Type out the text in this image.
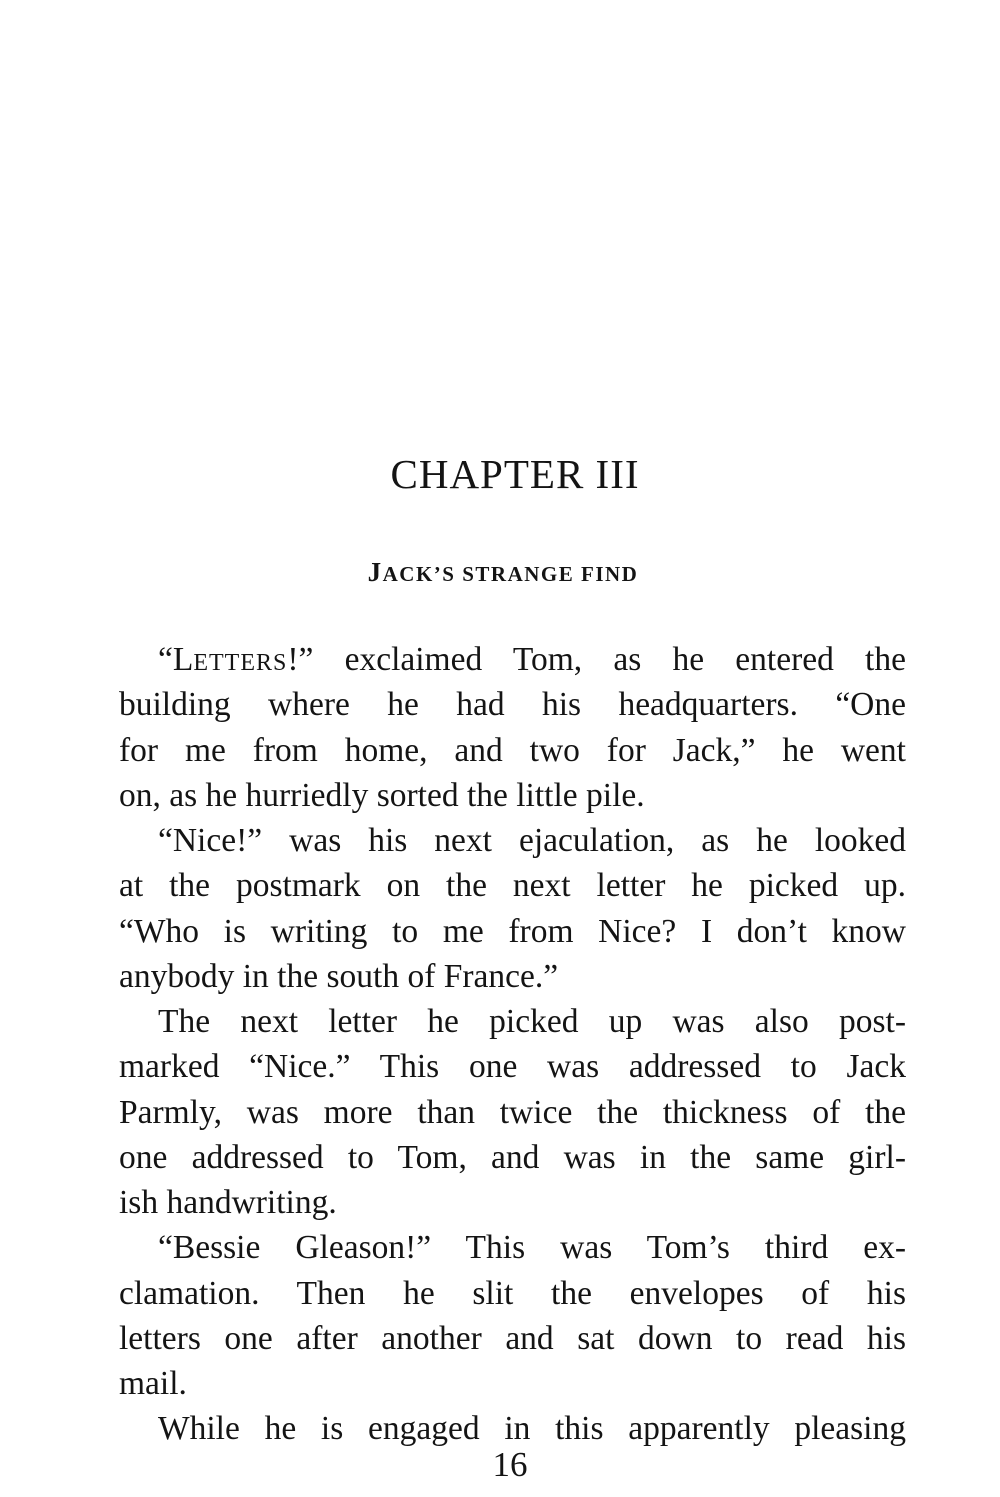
CHAPTER III
JACK’S STRANGE FIND
“LETTERS!” exclaimed Tom, as he entered the
building where he had his headquarters. “One
for me from home, and two for Jack,” he went
on, as he hurriedly sorted the little pile.
“Nice!” was his next ejaculation, as he looked
at the postmark on the next letter he picked up.
“Who is writing to me from Nice? I don’t know
anybody in the south of France.”
The next letter he picked up was also post-
marked “Nice.” This one was addressed to Jack
Parmly, was more than twice the thickness of the
one addressed to Tom, and was in the same girl-
ish handwriting.
“Bessie Gleason!” This was Tom’s third ex-
clamation. Then he slit the envelopes of his
letters one after another and sat down to read his
mail.
While he is engaged in this apparently pleasing
16
